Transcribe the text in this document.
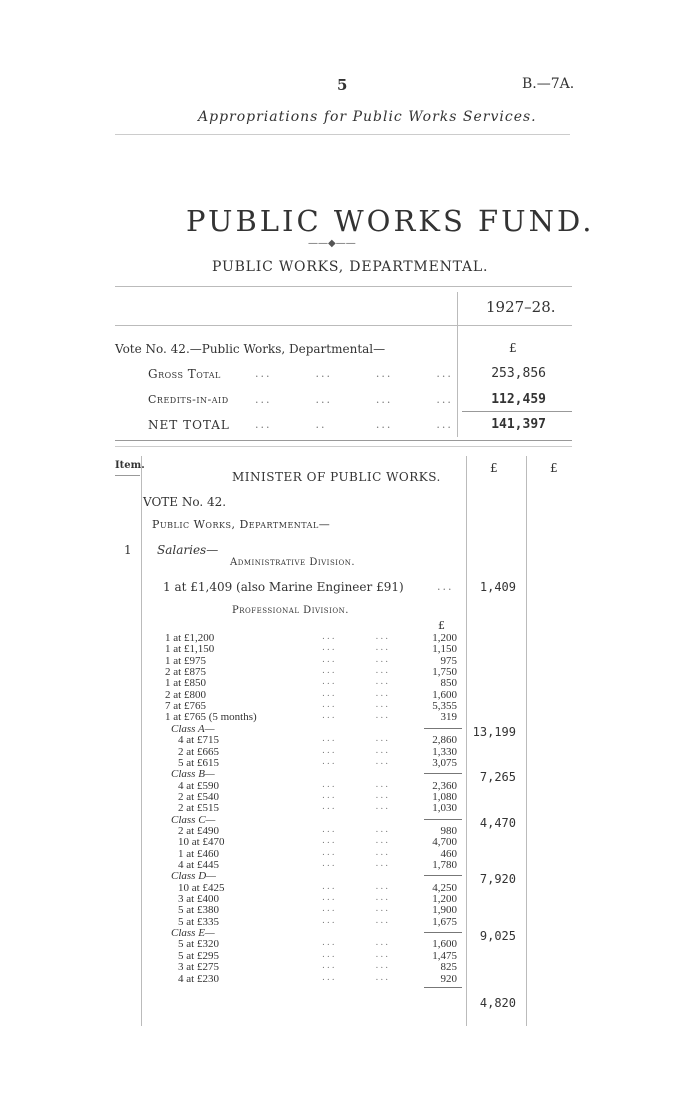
5	B.—7A.
Appropriations for Public Works Services.
PUBLIC WORKS FUND.
——◆——
PUBLIC WORKS, DEPARTMENTAL.
1927–28.
Vote No. 42.—Public Works, Departmental—	£
Gross Total	...        ...        ...        ...	253,856
Credits-in-aid ...        ...        ...        ...	112,459
NET TOTAL ...        ..         ...        ...	141,397
Item.	£	£
MINISTER OF PUBLIC WORKS.
VOTE No. 42.
Public Works, Departmental—
1 Salaries—
Administrative Division.
1 at £1,409 (also Marine Engineer £91)	... 1,409
Professional Division.
£
1 at £1,200	...        ...	1,200
1 at £1,150	...        ...	1,150
1 at £975	...        ...	975
2 at £875	...        ...	1,750
1 at £850	...        ...	850
2 at £800	...        ...	1,600
7 at £765	...        ...	5,355
1 at £765 (5 months)	...        ...	319
Class A—	13,199
4 at £715	...        ...	2,860
2 at £665	...        ...	1,330
5 at £615	...        ...	3,075
Class B—	7,265
4 at £590	...        ...	2,360
2 at £540	...        ...	1,080
2 at £515	...        ...	1,030
Class C—	4,470
2 at £490	...        ...	980
10 at £470	...        ...	4,700
1 at £460	...        ...	460
4 at £445	...        ...	1,780
Class D—	7,920
10 at £425	...        ...	4,250
3 at £400	...        ...	1,200
5 at £380	...        ...	1,900
5 at £335	...        ...	1,675
Class E—	9,025
5 at £320	...        ...	1,600
5 at £295	...        ...	1,475
3 at £275	...        ...	825
4 at £230	...        ...	920
4,820
